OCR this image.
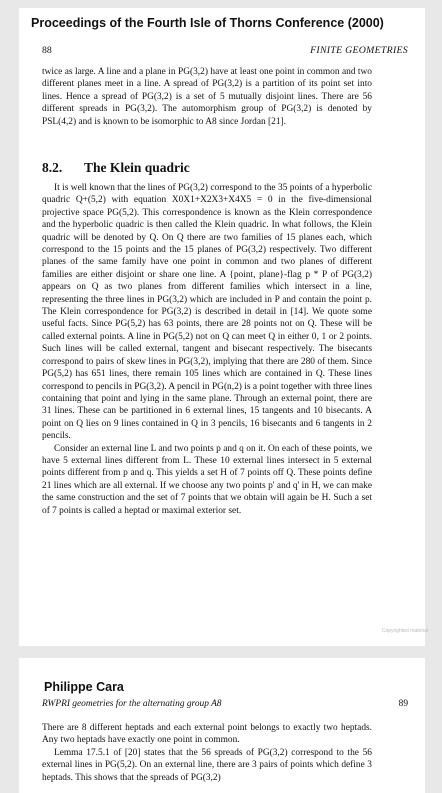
Proceedings of the Fourth Isle of Thorns Conference (2000)
88	FINITE GEOMETRIES

twice as large. A line and a plane in PG(3,2) have at least one point in common and two different planes meet in a line. A spread of PG(3,2) is a partition of its point set into lines. Hence a spread of PG(3,2) is a set of 5 mutually disjoint lines. There are 56 different spreads in PG(3,2). The automorphism group of PG(3,2) is denoted by PSL(4,2) and is known to be isomorphic to A8 since Jordan [21].

8.2. The Klein quadric

It is well known that the lines of PG(3,2) correspond to the 35 points of a hyperbolic quadric Q+(5,2) with equation X0X1+X2X3+X4X5 = 0 in the five-dimensional projective space PG(5,2). This correspondence is known as the Klein correspondence and the hyperbolic quadric is then called the Klein quadric. In what follows, the Klein quadric will be denoted by Q. On Q there are two families of 15 planes each, which correspond to the 15 points and the 15 planes of PG(3,2) respectively. Two different planes of the same family have one point in common and two planes of different families are either disjoint or share one line. A {point, plane}-flag p * P of PG(3,2) appears on Q as two planes from different families which intersect in a line, representing the three lines in PG(3,2) which are included in P and contain the point p. The Klein correspondence for PG(3,2) is described in detail in [14]. We quote some useful facts. Since PG(5,2) has 63 points, there are 28 points not on Q. These will be called external points. A line in PG(5,2) not on Q can meet Q in either 0, 1 or 2 points. Such lines will be called external, tangent and bisecant respectively. The bisecants correspond to pairs of skew lines in PG(3,2), implying that there are 280 of them. Since PG(5,2) has 651 lines, there remain 105 lines which are contained in Q. These lines correspond to pencils in PG(3,2). A pencil in PG(n,2) is a point together with three lines containing that point and lying in the same plane. Through an external point, there are 31 lines. These can be partitioned in 6 external lines, 15 tangents and 10 bisecants. A point on Q lies on 9 lines contained in Q in 3 pencils, 16 bisecants and 6 tangents in 2 pencils.

Consider an external line L and two points p and q on it. On each of these points, we have 5 external lines different from L. These 10 external lines intersect in 5 external points different from p and q. This yields a set H of 7 points off Q. These points define 21 lines which are all external. If we choose any two points p' and q' in H, we can make the same construction and the set of 7 points that we obtain will again be H. Such a set of 7 points is called a heptad or maximal exterior set.

Copyrighted material
Philippe Cara
RWPRI geometries for the alternating group A8	89

There are 8 different heptads and each external point belongs to exactly two heptads. Any two heptads have exactly one point in common.

Lemma 17.5.1 of [20] states that the 56 spreads of PG(3,2) correspond to the 56 external lines in PG(5,2). On an external line, there are 3 pairs of points which define 3 heptads. This shows that the spreads of PG(3,2)
